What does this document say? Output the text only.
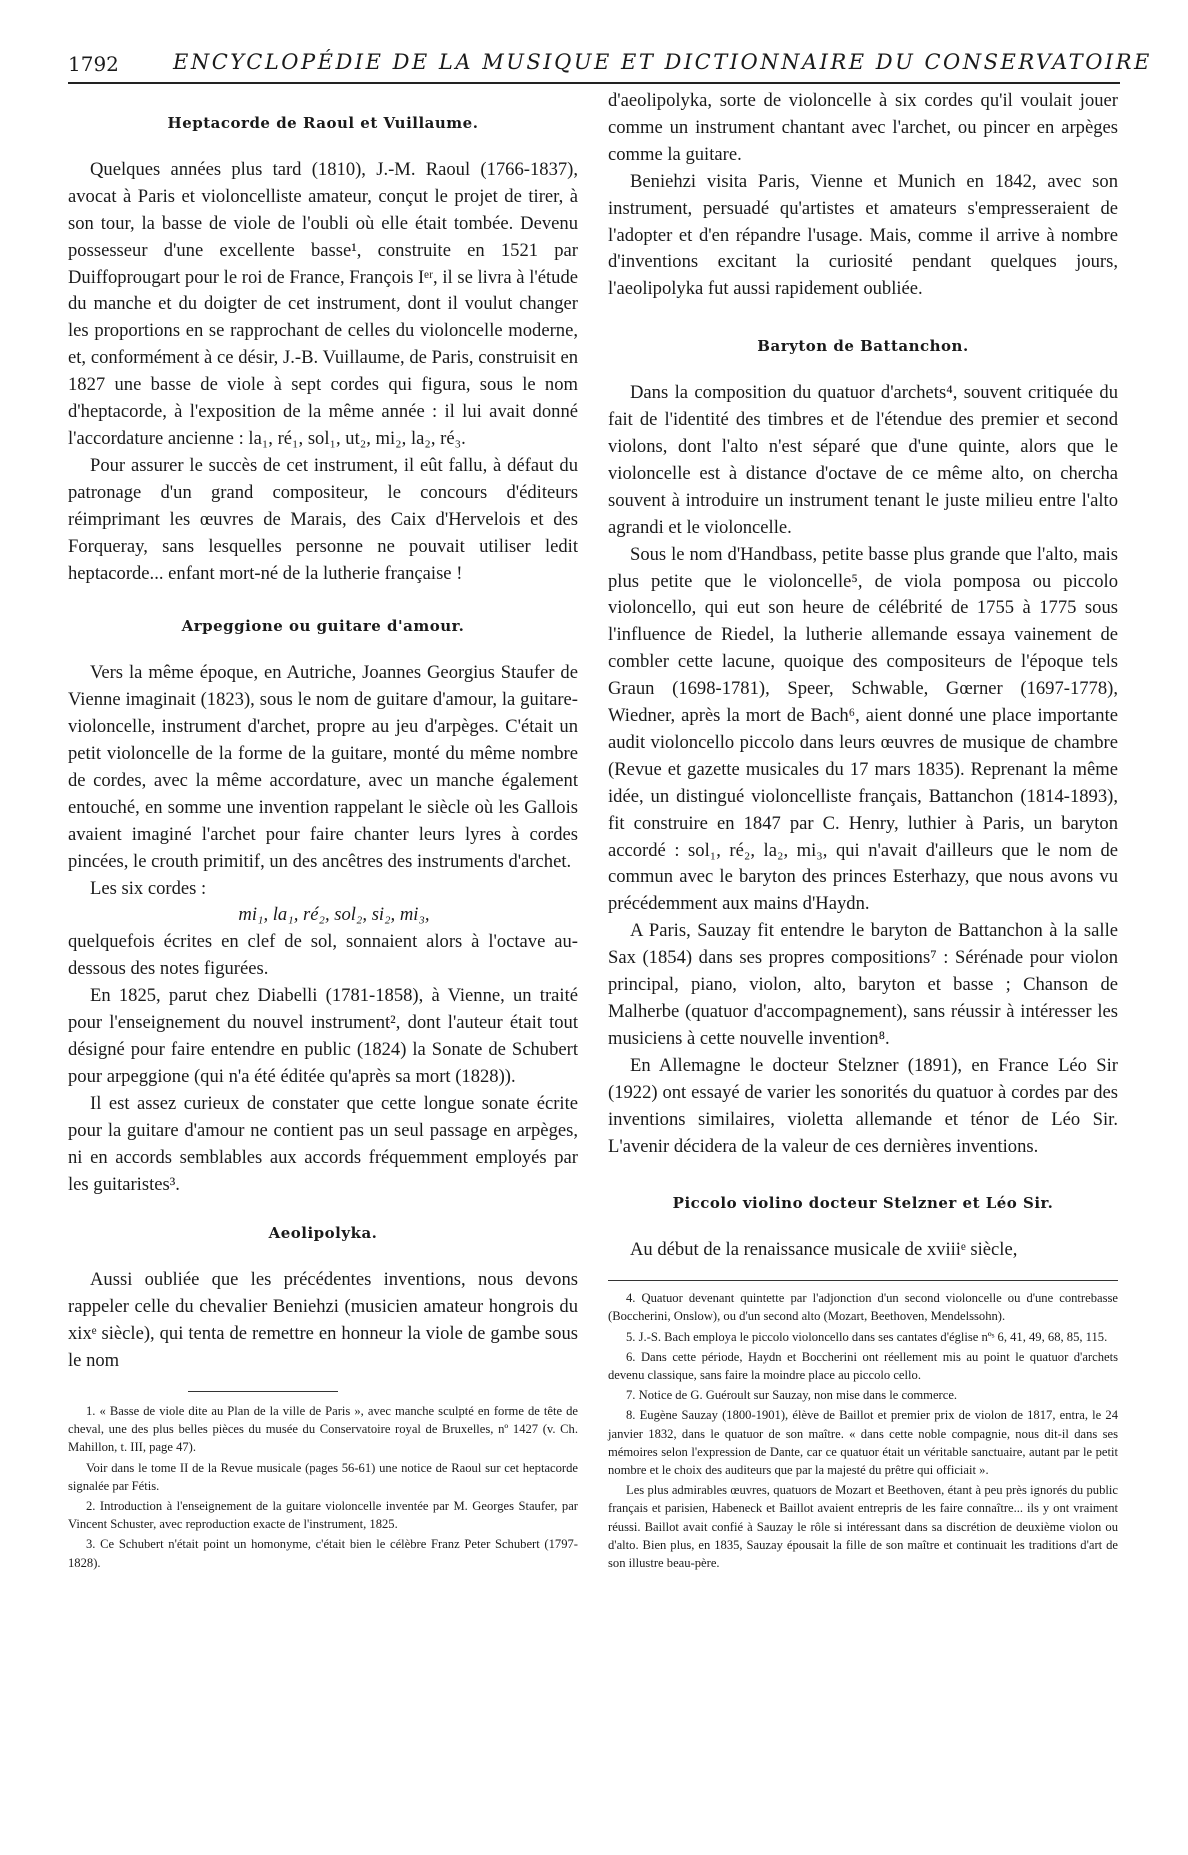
1792	ENCYCLOPÉDIE DE LA MUSIQUE ET DICTIONNAIRE DU CONSERVATOIRE
Heptacorde de Raoul et Vuillaume.

Quelques années plus tard (1810), J.-M. Raoul (1766-1837), avocat à Paris et violoncelliste amateur, conçut le projet de tirer, à son tour, la basse de viole de l'oubli où elle était tombée. Devenu possesseur d'une excellente basse¹, construite en 1521 par Duiffoprougart pour le roi de France, François Iᵉʳ, il se livra à l'étude du manche et du doigter de cet instrument, dont il voulut changer les proportions en se rapprochant de celles du violoncelle moderne, et, conformément à ce désir, J.-B. Vuillaume, de Paris, construisit en 1827 une basse de viole à sept cordes qui figura, sous le nom d'heptacorde, à l'exposition de la même année : il lui avait donné l'accordature ancienne : la₁, ré₁, sol₁, ut₂, mi₂, la₂, ré₃.

Pour assurer le succès de cet instrument, il eût fallu, à défaut du patronage d'un grand compositeur, le concours d'éditeurs réimprimant les œuvres de Marais, des Caix d'Hervelois et des Forqueray, sans lesquelles personne ne pouvait utiliser ledit heptacorde... enfant mort-né de la lutherie française !

Arpeggione ou guitare d'amour.

Vers la même époque, en Autriche, Joannes Georgius Staufer de Vienne imaginait (1823), sous le nom de guitare d'amour, la guitare-violoncelle, instrument d'archet, propre au jeu d'arpèges. C'était un petit violoncelle de la forme de la guitare, monté du même nombre de cordes, avec la même accordature, avec un manche également entouché, en somme une invention rappelant le siècle où les Gallois avaient imaginé l'archet pour faire chanter leurs lyres à cordes pincées, le crouth primitif, un des ancêtres des instruments d'archet.

Les six cordes :

mi₁, la₁, ré₂, sol₂, si₂, mi₃,

quelquefois écrites en clef de sol, sonnaient alors à l'octave au-dessous des notes figurées.

En 1825, parut chez Diabelli (1781-1858), à Vienne, un traité pour l'enseignement du nouvel instrument², dont l'auteur était tout désigné pour faire entendre en public (1824) la Sonate de Schubert pour arpeggione (qui n'a été éditée qu'après sa mort (1828)).

Il est assez curieux de constater que cette longue sonate écrite pour la guitare d'amour ne contient pas un seul passage en arpèges, ni en accords semblables aux accords fréquemment employés par les guitaristes³.

Aeolipolyka.

Aussi oubliée que les précédentes inventions, nous devons rappeler celle du chevalier Beniehzi (musicien amateur hongrois du xixᵉ siècle), qui tenta de remettre en honneur la viole de gambe sous le nom

1. « Basse de viole dite au Plan de la ville de Paris », avec manche sculpté en forme de tête de cheval, une des plus belles pièces du musée du Conservatoire royal de Bruxelles, nº 1427 (v. Ch. Mahillon, t. III, page 47).

Voir dans le tome II de la Revue musicale (pages 56-61) une notice de Raoul sur cet heptacorde signalée par Fétis.

2. Introduction à l'enseignement de la guitare violoncelle inventée par M. Georges Staufer, par Vincent Schuster, avec reproduction exacte de l'instrument, 1825.

3. Ce Schubert n'était point un homonyme, c'était bien le célèbre Franz Peter Schubert (1797-1828).

d'aeolipolyka, sorte de violoncelle à six cordes qu'il voulait jouer comme un instrument chantant avec l'archet, ou pincer en arpèges comme la guitare.

Beniehzi visita Paris, Vienne et Munich en 1842, avec son instrument, persuadé qu'artistes et amateurs s'empresseraient de l'adopter et d'en répandre l'usage. Mais, comme il arrive à nombre d'inventions excitant la curiosité pendant quelques jours, l'aeolipolyka fut aussi rapidement oubliée.

Baryton de Battanchon.

Dans la composition du quatuor d'archets⁴, souvent critiquée du fait de l'identité des timbres et de l'étendue des premier et second violons, dont l'alto n'est séparé que d'une quinte, alors que le violoncelle est à distance d'octave de ce même alto, on chercha souvent à introduire un instrument tenant le juste milieu entre l'alto agrandi et le violoncelle.

Sous le nom d'Handbass, petite basse plus grande que l'alto, mais plus petite que le violoncelle⁵, de viola pomposa ou piccolo violoncello, qui eut son heure de célébrité de 1755 à 1775 sous l'influence de Riedel, la lutherie allemande essaya vainement de combler cette lacune, quoique des compositeurs de l'époque tels Graun (1698-1781), Speer, Schwable, Gœrner (1697-1778), Wiedner, après la mort de Bach⁶, aient donné une place importante audit violoncello piccolo dans leurs œuvres de musique de chambre (Revue et gazette musicales du 17 mars 1835). Reprenant la même idée, un distingué violoncelliste français, Battanchon (1814-1893), fit construire en 1847 par C. Henry, luthier à Paris, un baryton accordé : sol₁, ré₂, la₂, mi₃, qui n'avait d'ailleurs que le nom de commun avec le baryton des princes Esterhazy, que nous avons vu précédemment aux mains d'Haydn.

A Paris, Sauzay fit entendre le baryton de Battanchon à la salle Sax (1854) dans ses propres compositions⁷ : Sérénade pour violon principal, piano, violon, alto, baryton et basse ; Chanson de Malherbe (quatuor d'accompagnement), sans réussir à intéresser les musiciens à cette nouvelle invention⁸.

En Allemagne le docteur Stelzner (1891), en France Léo Sir (1922) ont essayé de varier les sonorités du quatuor à cordes par des inventions similaires, violetta allemande et ténor de Léo Sir. L'avenir décidera de la valeur de ces dernières inventions.

Piccolo violino docteur Stelzner et Léo Sir.

Au début de la renaissance musicale de xviiiᵉ siècle,

4. Quatuor devenant quintette par l'adjonction d'un second violoncelle ou d'une contrebasse (Boccherini, Onslow), ou d'un second alto (Mozart, Beethoven, Mendelssohn).

5. J.-S. Bach employa le piccolo violoncello dans ses cantates d'église nºˢ 6, 41, 49, 68, 85, 115.

6. Dans cette période, Haydn et Boccherini ont réellement mis au point le quatuor d'archets devenu classique, sans faire la moindre place au piccolo cello.

7. Notice de G. Guéroult sur Sauzay, non mise dans le commerce.

8. Eugène Sauzay (1800-1901), élève de Baillot et premier prix de violon de 1817, entra, le 24 janvier 1832, dans le quatuor de son maître. « dans cette noble compagnie, nous dit-il dans ses mémoires selon l'expression de Dante, car ce quatuor était un véritable sanctuaire, autant par le petit nombre et le choix des auditeurs que par la majesté du prêtre qui officiait ».

Les plus admirables œuvres, quatuors de Mozart et Beethoven, étant à peu près ignorés du public français et parisien, Habeneck et Baillot avaient entrepris de les faire connaître... ils y ont vraiment réussi. Baillot avait confié à Sauzay le rôle si intéressant dans sa discrétion de deuxième violon ou d'alto. Bien plus, en 1835, Sauzay épousait la fille de son maître et continuait les traditions d'art de son illustre beau-père.
